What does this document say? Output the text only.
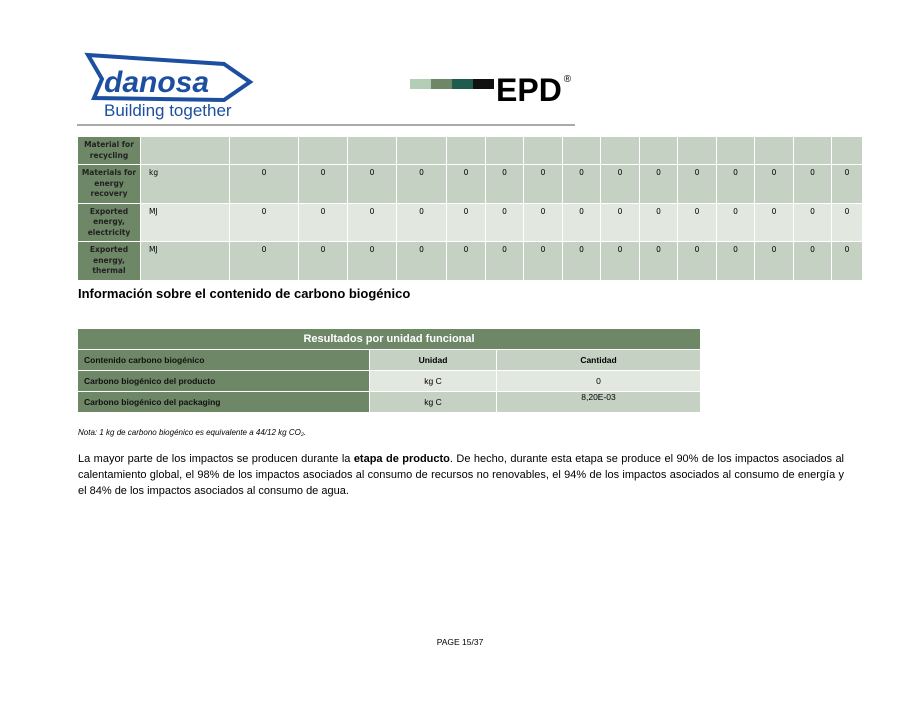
danosa
Building together
EPD ®
Material for recycling																
Materials for energy recovery	kg	0	0	0	0	0	0	0	0	0	0	0	0	0	0	0
Exported energy, electricity	MJ	0	0	0	0	0	0	0	0	0	0	0	0	0	0	0
Exported energy, thermal	MJ	0	0	0	0	0	0	0	0	0	0	0	0	0	0	0
Información sobre el contenido de carbono biogénico
Resultados por unidad funcional		
Contenido carbono biogénico	Unidad	Cantidad
Carbono biogénico del producto	kg C	0
Carbono biogénico del packaging	kg C	8,20E-03
Nota: 1 kg de carbono biogénico es equivalente a 44/12 kg CO₂.
La mayor parte de los impactos se producen durante la etapa de producto. De hecho, durante esta etapa se produce el 90% de los impactos asociados al calentamiento global, el 98% de los impactos asociados al consumo de recursos no renovables, el 94% de los impactos asociados al consumo de energía y el 84% de los impactos asociados al consumo de agua.
PAGE 15/37
